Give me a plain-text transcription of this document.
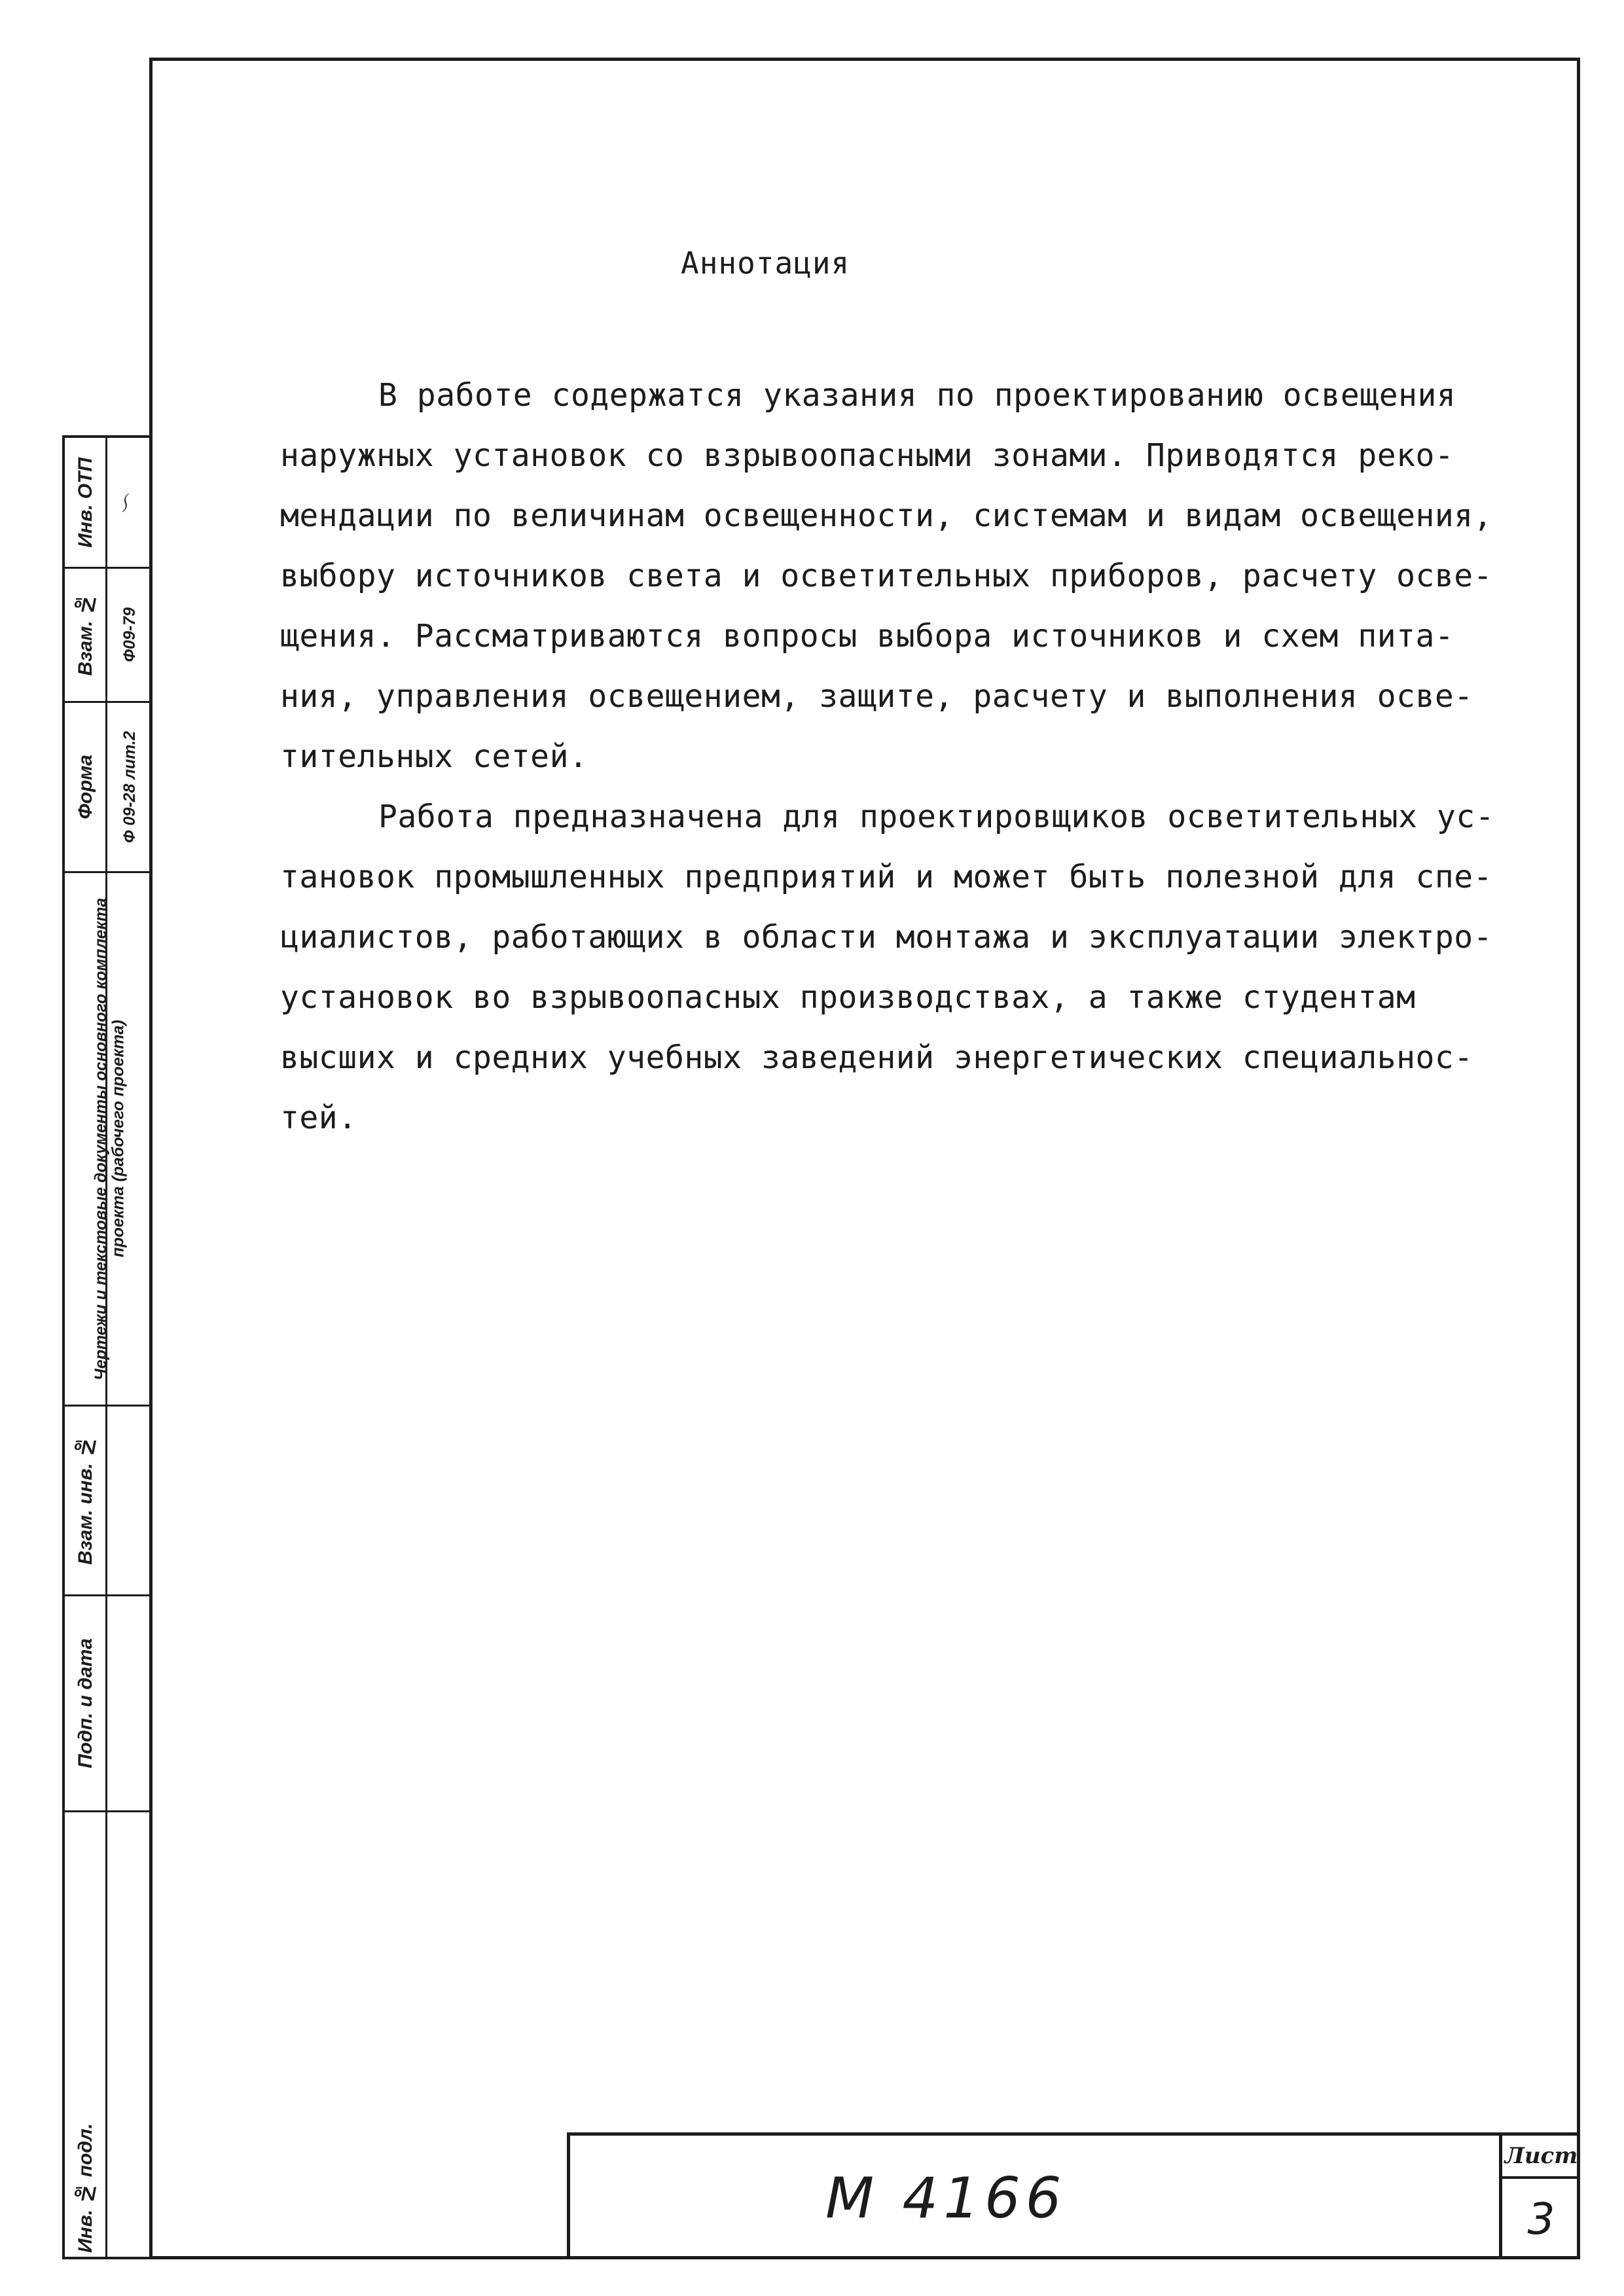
Инв. ОТП 〜
Взам. № Ф09-79
Форма Ф 09-28 лит.2
Чертежи и текстовые документы основного комплекта проекта (рабочего проекта)
Взам. инв. №
Подп. и дата
Инв. № подл.
Аннотация

В работе содержатся указания по проектированию освещения

наружных установок со взрывоопасными зонами. Приводятся реко-

мендации по величинам освещенности, системам и видам освещения,

выбору источников света и осветительных приборов, расчету осве-

щения. Рассматриваются вопросы выбора источников и схем пита-

ния, управления освещением, защите, расчету и выполнения осве-

тительных сетей.

Работа предназначена для проектировщиков осветительных ус-

тановок промышленных предприятий и может быть полезной для спе-

циалистов, работающих в области монтажа и эксплуатации электро-

установок во взрывоопасных производствах, а также студентам

высших и средних учебных заведений энергетических специальнос-

тей.

М 4166
Лист
3
